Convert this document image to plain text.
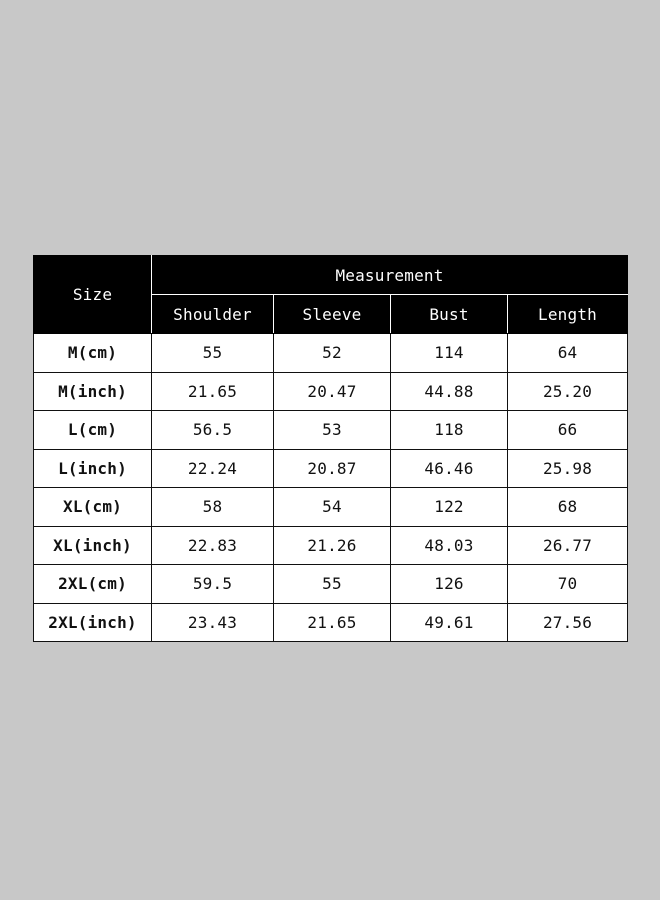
Size	Measurement			
	Shoulder	Sleeve	Bust	Length
M(cm)	55	52	114	64
M(inch)	21.65	20.47	44.88	25.20
L(cm)	56.5	53	118	66
L(inch)	22.24	20.87	46.46	25.98
XL(cm)	58	54	122	68
XL(inch)	22.83	21.26	48.03	26.77
2XL(cm)	59.5	55	126	70
2XL(inch)	23.43	21.65	49.61	27.56
